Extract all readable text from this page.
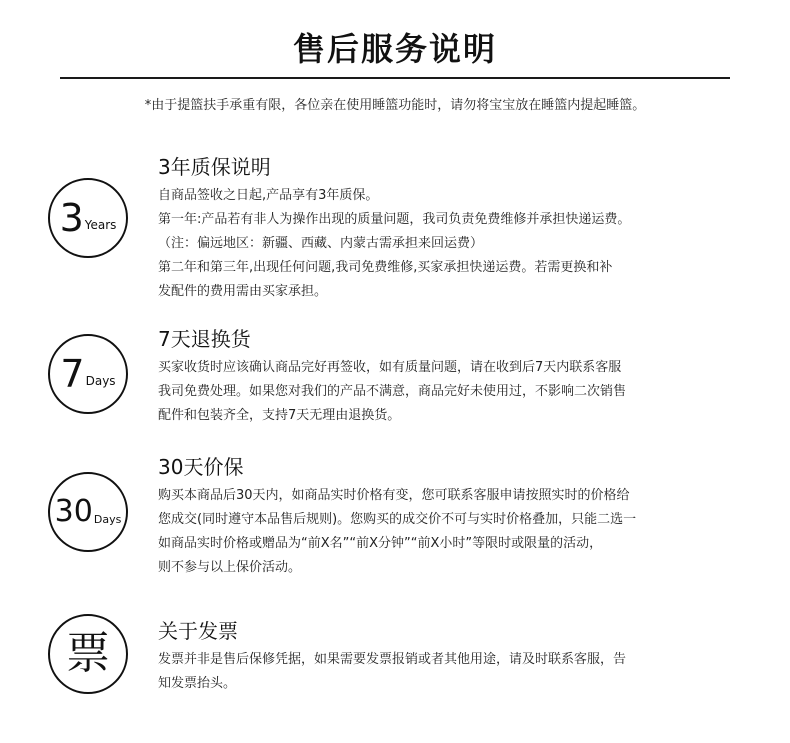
售后服务说明
*由于提篮扶手承重有限，各位亲在使用睡篮功能时，请勿将宝宝放在睡篮内提起睡篮。
3 Years
3年质保说明
自商品签收之日起,产品享有3年质保。
第一年:产品若有非人为操作出现的质量问题，我司负责免费维修并承担快递运费。
（注：偏远地区：新疆、西藏、内蒙古需承担来回运费）
第二年和第三年,出现任何问题,我司免费维修,买家承担快递运费。若需更换和补
发配件的费用需由买家承担。
7 Days
7天退换货
买家收货时应该确认商品完好再签收，如有质量问题，请在收到后7天内联系客服
我司免费处理。如果您对我们的产品不满意，商品完好未使用过，不影响二次销售
配件和包装齐全，支持7天无理由退换货。
30 Days
30天价保
购买本商品后30天内，如商品实时价格有变，您可联系客服申请按照实时的价格给
您成交(同时遵守本品售后规则)。您购买的成交价不可与实时价格叠加，只能二选一
如商品实时价格或赠品为“前X名”“前X分钟”“前X小时”等限时或限量的活动，
则不参与以上保价活动。
票 关于发票
发票并非是售后保修凭据，如果需要发票报销或者其他用途，请及时联系客服，告
知发票抬头。
